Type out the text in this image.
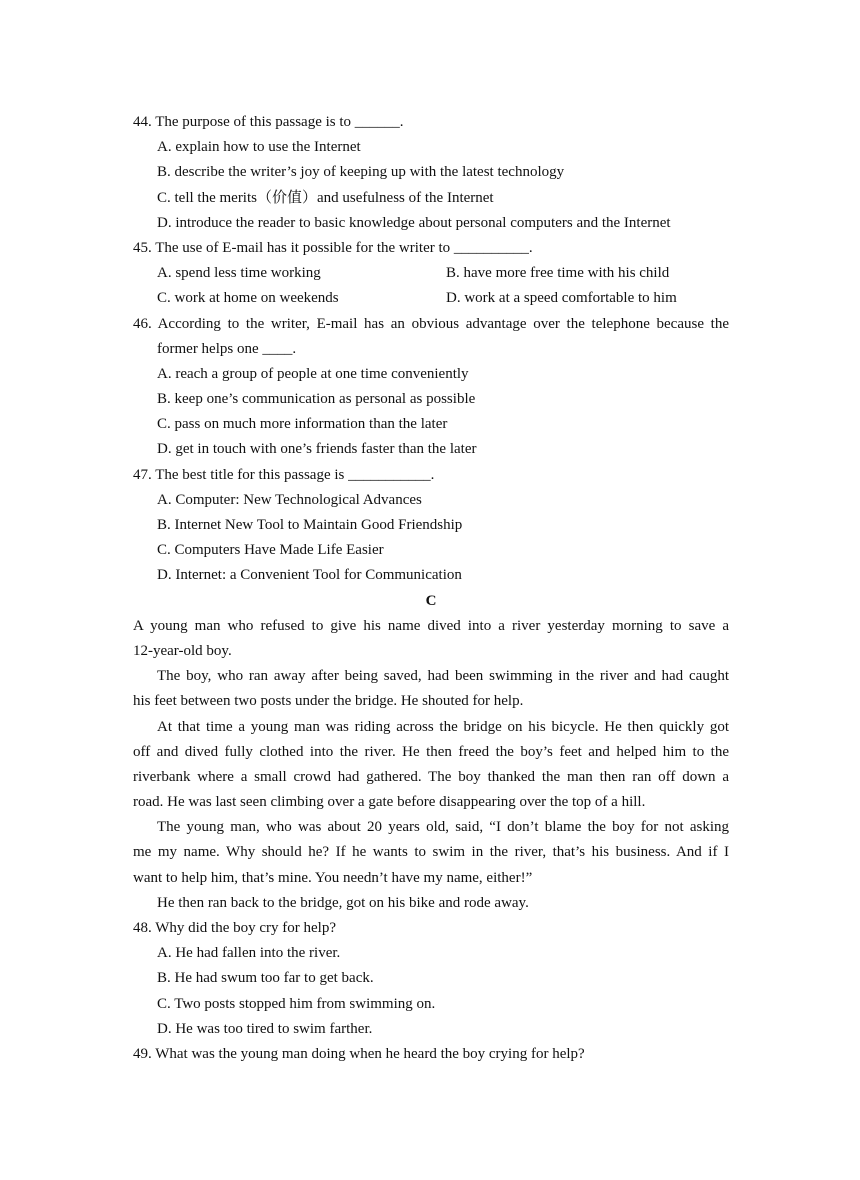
44. The purpose of this passage is to ______.
A. explain how to use the Internet
B. describe the writer’s joy of keeping up with the latest technology
C. tell the merits（价值）and usefulness of the Internet
D. introduce the reader to basic knowledge about personal computers and the Internet
45. The use of E-mail has it possible for the writer to __________.
A. spend less time working	B. have more free time with his child
C. work at home on weekends	D. work at a speed comfortable to him
46. According to the writer, E-mail has an obvious advantage over the telephone because the
former helps one ____.
A. reach a group of people at one time conveniently
B. keep one’s communication as personal as possible
C. pass on much more information than the later
D. get in touch with one’s friends faster than the later
47. The best title for this passage is ___________.
A. Computer: New Technological Advances
B. Internet New Tool to Maintain Good Friendship
C. Computers Have Made Life Easier
D. Internet: a Convenient Tool for Communication
C
A young man who refused to give his name dived into a river yesterday morning to save a
12-year-old boy.
The boy, who ran away after being saved, had been swimming in the river and had caught
his feet between two posts under the bridge. He shouted for help.
At that time a young man was riding across the bridge on his bicycle. He then quickly got
off and dived fully clothed into the river. He then freed the boy’s feet and helped him to the
riverbank where a small crowd had gathered. The boy thanked the man then ran off down a
road. He was last seen climbing over a gate before disappearing over the top of a hill.
The young man, who was about 20 years old, said, “I don’t blame the boy for not asking
me my name. Why should he? If he wants to swim in the river, that’s his business. And if I
want to help him, that’s mine. You needn’t have my name, either!”
He then ran back to the bridge, got on his bike and rode away.
48. Why did the boy cry for help?
A. He had fallen into the river.
B. He had swum too far to get back.
C. Two posts stopped him from swimming on.
D. He was too tired to swim farther.
49. What was the young man doing when he heard the boy crying for help?
